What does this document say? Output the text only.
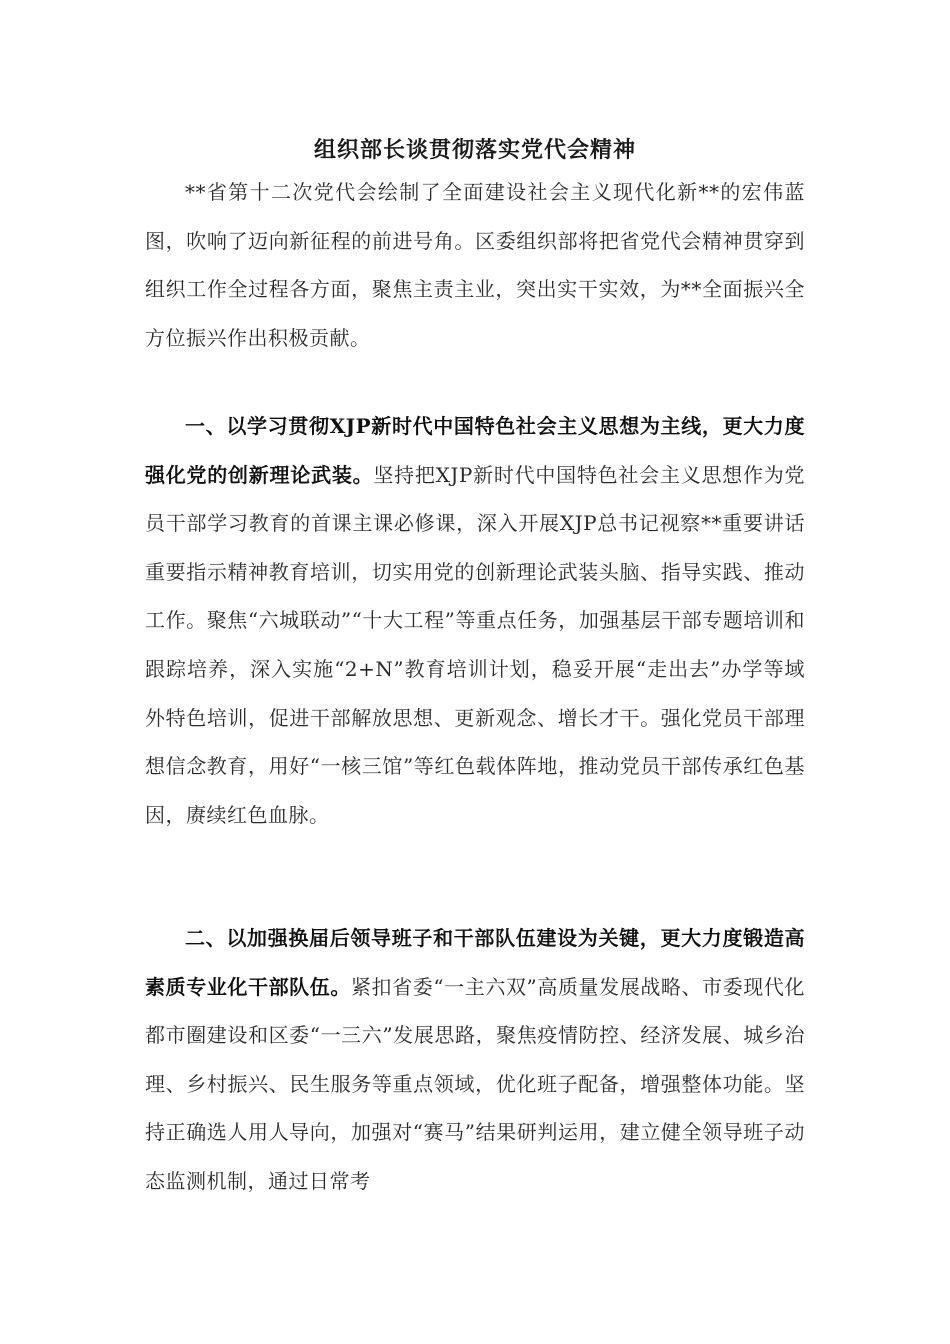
组织部长谈贯彻落实党代会精神

**省第十二次党代会绘制了全面建设社会主义现代化新**的宏伟蓝图，吹响了迈向新征程的前进号角。区委组织部将把省党代会精神贯穿到组织工作全过程各方面，聚焦主责主业，突出实干实效，为**全面振兴全方位振兴作出积极贡献。

一、以学习贯彻XJP新时代中国特色社会主义思想为主线，更大力度强化党的创新理论武装。坚持把XJP新时代中国特色社会主义思想作为党员干部学习教育的首课主课必修课，深入开展XJP总书记视察**重要讲话重要指示精神教育培训，切实用党的创新理论武装头脑、指导实践、推动工作。聚焦“六城联动”“十大工程”等重点任务，加强基层干部专题培训和跟踪培养，深入实施“2+N”教育培训计划，稳妥开展“走出去”办学等域外特色培训，促进干部解放思想、更新观念、增长才干。强化党员干部理想信念教育，用好“一核三馆”等红色载体阵地，推动党员干部传承红色基因，赓续红色血脉。

二、以加强换届后领导班子和干部队伍建设为关键，更大力度锻造高素质专业化干部队伍。紧扣省委“一主六双”高质量发展战略、市委现代化都市圈建设和区委“一三六”发展思路，聚焦疫情防控、经济发展、城乡治理、乡村振兴、民生服务等重点领域，优化班子配备，增强整体功能。坚持正确选人用人导向，加强对“赛马”结果研判运用，建立健全领导班子动态监测机制，通过日常考
